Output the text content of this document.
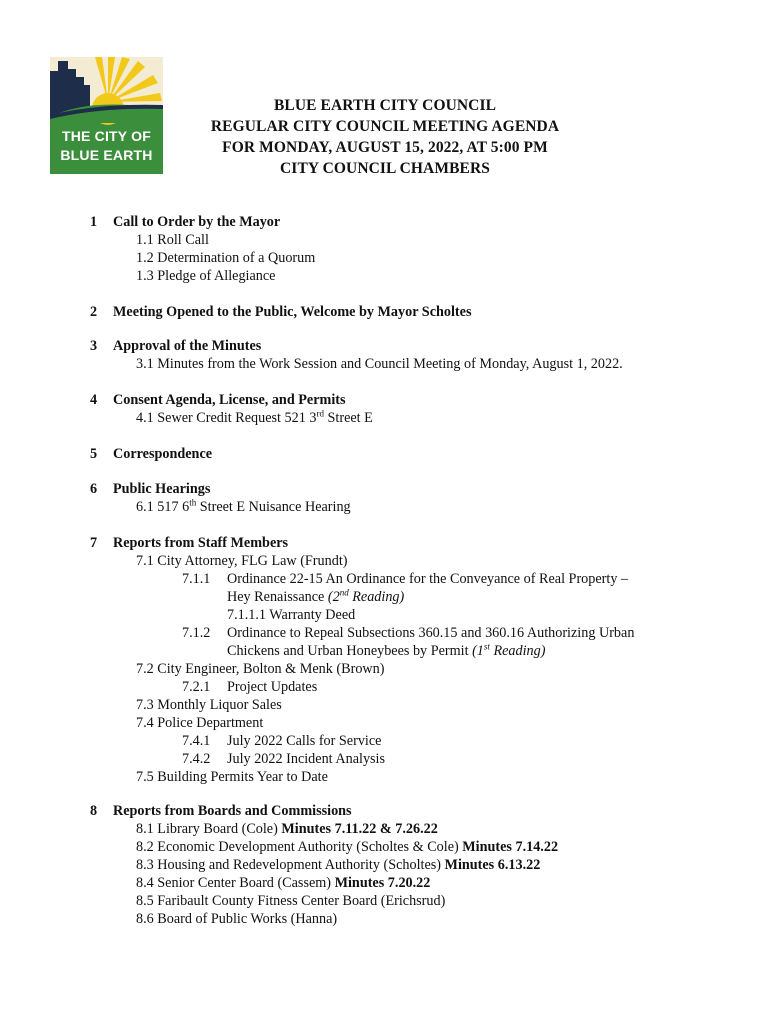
THE CITY OF
BLUE EARTH
BLUE EARTH CITY COUNCIL
REGULAR CITY COUNCIL MEETING AGENDA
FOR MONDAY, AUGUST 15, 2022, AT 5:00 PM
CITY COUNCIL CHAMBERS
1 Call to Order by the Mayor
1.1 Roll Call
1.2 Determination of a Quorum
1.3 Pledge of Allegiance
2 Meeting Opened to the Public, Welcome by Mayor Scholtes
3 Approval of the Minutes
3.1 Minutes from the Work Session and Council Meeting of Monday, August 1, 2022.
4 Consent Agenda, License, and Permits
4.1 Sewer Credit Request 521 3rd Street E
5 Correspondence
6 Public Hearings
6.1 517 6th Street E Nuisance Hearing
7 Reports from Staff Members
7.1 City Attorney, FLG Law (Frundt)
7.1.1 Ordinance 22-15 An Ordinance for the Conveyance of Real Property –
Hey Renaissance (2nd Reading)
7.1.1.1 Warranty Deed
7.1.2 Ordinance to Repeal Subsections 360.15 and 360.16 Authorizing Urban
Chickens and Urban Honeybees by Permit (1st Reading)
7.2 City Engineer, Bolton & Menk (Brown)
7.2.1 Project Updates
7.3 Monthly Liquor Sales
7.4 Police Department
7.4.1 July 2022 Calls for Service
7.4.2 July 2022 Incident Analysis
7.5 Building Permits Year to Date
8 Reports from Boards and Commissions
8.1 Library Board (Cole) Minutes 7.11.22 & 7.26.22
8.2 Economic Development Authority (Scholtes & Cole) Minutes 7.14.22
8.3 Housing and Redevelopment Authority (Scholtes) Minutes 6.13.22
8.4 Senior Center Board (Cassem) Minutes 7.20.22
8.5 Faribault County Fitness Center Board (Erichsrud)
8.6 Board of Public Works (Hanna)
